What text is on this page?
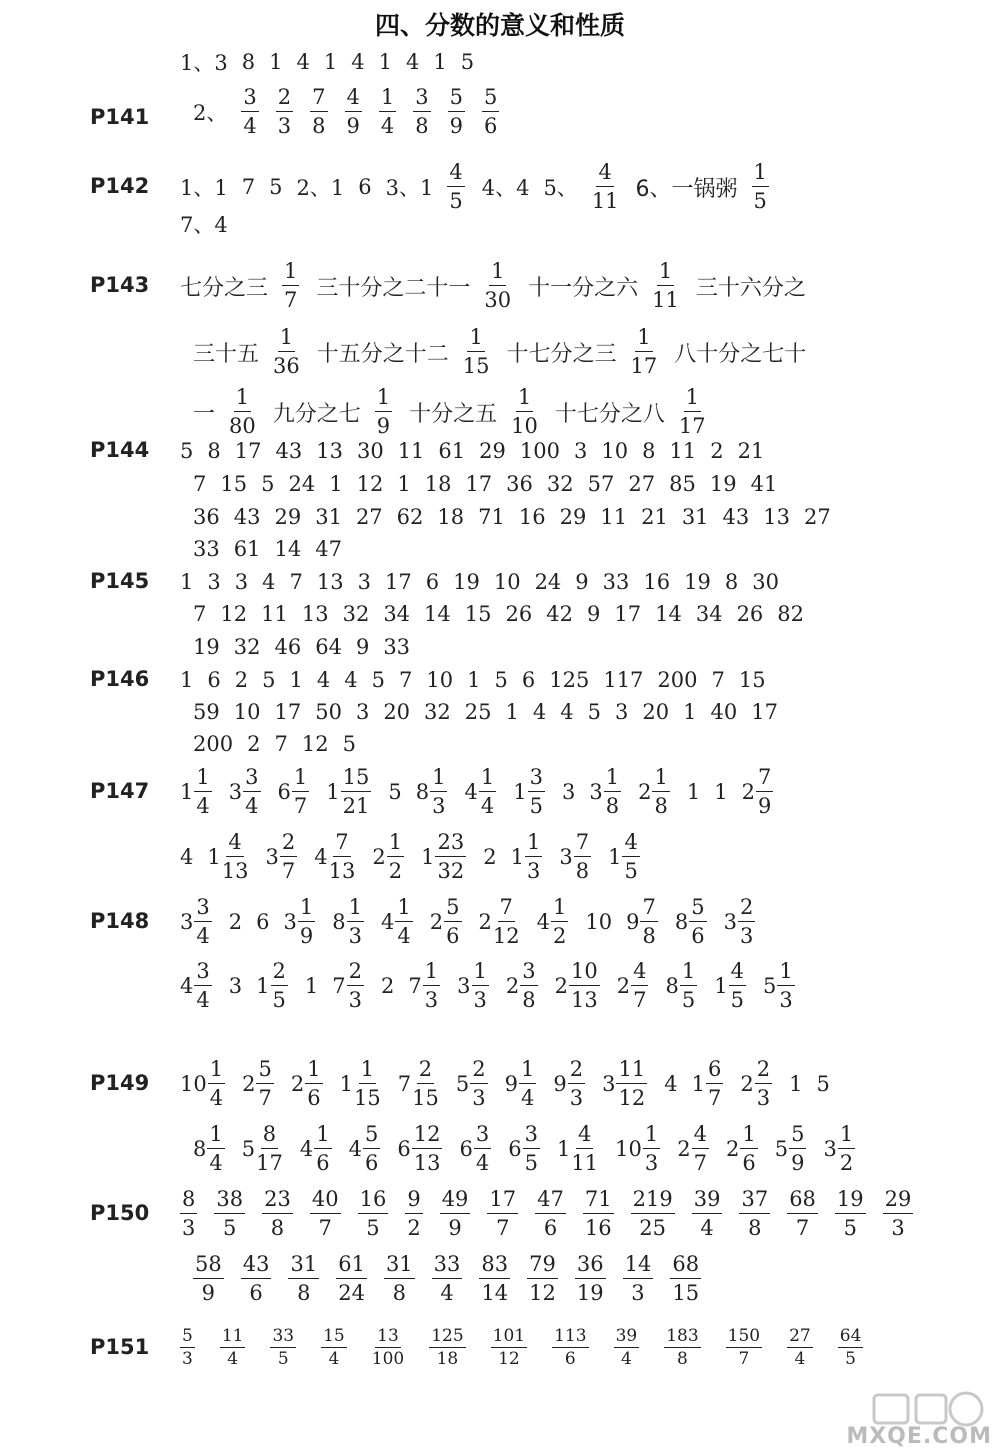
四、分数的意义和性质
P141
1、3 8 1 4 1 4 1 4 1 5
2、 $\frac{3}{4} \frac{2}{3} \frac{7}{8} \frac{4}{9} \frac{1}{4} \frac{3}{8} \frac{5}{9} \frac{5}{6}$
P142 1、1 7 5 2、1 6 3、$1 \frac{4}{5} 4$、4 5、 $\frac{4}{11} 6$、一锅粥 $\frac{1}{5}$
7、4
P143 七分之三 $\frac{1}{7}$ 三十分之二十一 $\frac{1}{30}$ 十一分之六 $\frac{1}{11}$ 三十六分之
三十五 $\frac{1}{36}$ 十五分之十二 $\frac{1}{15}$ 十七分之三 $\frac{1}{17}$ 八十分之七十
一 $\frac{1}{80}$ 九分之七 $\frac{1}{9}$ 十分之五 $\frac{1}{10}$ 十七分之八 $\frac{1}{17}$
P144 5 8 17 43 13 30 11 61 29 100 3 10 8 11 2 21
7 15 5 24 1 12 1 18 17 36 32 57 27 85 19 41
36 43 29 31 27 62 18 71 16 29 11 21 31 43 13 27
33 61 14 47
P145 1 3 3 4 7 13 3 17 6 19 10 24 9 33 16 19 8 30
7 12 11 13 32 34 14 15 26 42 9 17 14 34 26 82
19 32 46 64 9 33
P146 1 6 2 5 1 4 4 5 7 10 1 5 6 125 117 200 7 15
59 10 17 50 3 20 32 25 1 4 4 5 3 20 1 40 17
200 2 7 12 5
P147 $1 \frac{1}{4} 3 \frac{3}{4} 6 \frac{1}{7} 1 \frac{15}{21} 5$ $8 \frac{1}{3} 4 \frac{1}{4} 1 \frac{3}{5} 3$ $3 \frac{1}{8} 2 \frac{1}{8} 1$ 1 $2 \frac{7}{9}$
4 $1 \frac{4}{13} 3 \frac{2}{7} 4 \frac{7}{13} 2 \frac{1}{2} 1 \frac{23}{32} 2$ $1 \frac{1}{3} 3 \frac{7}{8} 1 \frac{4}{5}$
P148 $3 \frac{3}{4} 2$ 6 $3 \frac{1}{9} 8 \frac{1}{3} 4 \frac{1}{4} 2 \frac{5}{6} 2 \frac{7}{12} 4 \frac{1}{2} 10$ $9 \frac{7}{8} 8 \frac{5}{6} 3 \frac{2}{3}$
$4 \frac{3}{4} 3$ $1 \frac{2}{5} 1$ $7 \frac{2}{3} 2$ $7 \frac{1}{3} 3 \frac{1}{3} 2 \frac{3}{8} 2 \frac{10}{13} 2 \frac{4}{7} 8 \frac{1}{5} 1 \frac{4}{5} 5 \frac{1}{3}$
P149 $10 \frac{1}{4} 2 \frac{5}{7} 2 \frac{1}{6} 1 \frac{1}{15} 7 \frac{2}{15} 5 \frac{2}{3} 9 \frac{1}{4} 9 \frac{2}{3} 3 \frac{11}{12} 4$ $1 \frac{6}{7} 2 \frac{2}{3} 1$ 5
$8 \frac{1}{4} 5 \frac{8}{17} 4 \frac{1}{6} 4 \frac{5}{6} 6 \frac{12}{13} 6 \frac{3}{4} 6 \frac{3}{5} 1 \frac{4}{11} 10 \frac{1}{3} 2 \frac{4}{7} 2 \frac{1}{6} 5 \frac{5}{9} 3 \frac{1}{2}$
$P150 \frac{8}{3} \frac{38}{5} \frac{23}{8} \frac{40}{7} \frac{16}{5} \frac{9}{2} \frac{49}{9} \frac{17}{7} \frac{47}{6} \frac{71}{16} \frac{219}{25} \frac{39}{4} \frac{37}{8} \frac{68}{7} \frac{19}{5} \frac{29}{3}$
$\frac{58}{9} \frac{43}{6} \frac{31}{8} \frac{61}{24} \frac{31}{8} \frac{33}{4} \frac{83}{14} \frac{79}{12} \frac{36}{19} \frac{14}{3} \frac{68}{15}$
$P151 \frac{5}{3} \frac{11}{4} \frac{33}{5} \frac{15}{4} \frac{13}{100} \frac{125}{18} \frac{101}{12} \frac{113}{6} \frac{39}{4} \frac{183}{8} \frac{150}{7} \frac{27}{4} \frac{64}{5}$
MXQE.COM
